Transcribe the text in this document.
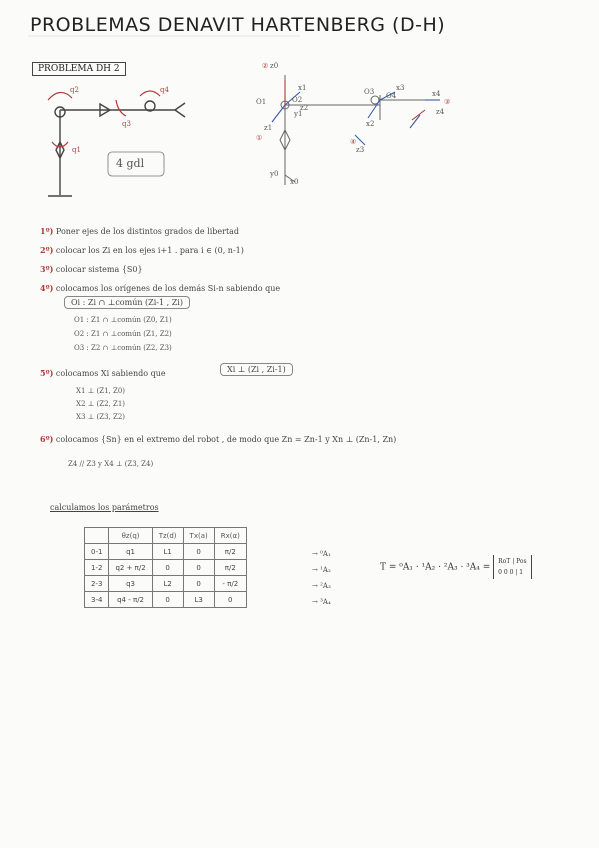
PROBLEMAS DENAVIT HARTENBERG (D-H)
PROBLEMA DH 2
q2
q3
q4
q1
4 gdl
z0
x0
y0
z1
x1
y1
z2
x2
z3
x3
z4
x4
O1	O2
O3 O4
①
②
③
④
1º) Poner ejes de los distintos grados de libertad
2º) colocar los Zi en los ejes i+1 . para i ∈ (0, n-1)
3º) colocar sistema {S0}
4º) colocamos los orígenes de los demás Si-n sabiendo que
Oi : Zi ∩ ⊥común (Zi-1 , Zi)
O1 : Z1 ∩ ⊥común (Z0, Z1)
O2 : Z1 ∩ ⊥común (Z1, Z2)
O3 : Z2 ∩ ⊥común (Z2, Z3)
5º) colocamos Xi sabiendo que	Xi ⊥ (Zi , Zi-1)
X1 ⊥ (Z1, Z0)
X2 ⊥ (Z2, Z1)
X3 ⊥ (Z3, Z2)
6º) colocamos {Sn} en el extremo del robot , de modo que Zn = Zn-1 y Xn ⊥ (Zn-1, Zn)
Z4 // Z3 y X4 ⊥ (Z3, Z4)
calculamos los parámetros
	θz(q)	Tz(d)	Tx(a)	Rx(α)
0-1	q1	L1	0	π/2
1-2	q2 + π/2	0	0	π/2
2-3	q3	L2	0	- π/2
3-4	q4 - π/2	0	L3	0
→ ⁰A₁
→ ¹A₂
→ ²A₃
→ ³A₄
T = ⁰A₁ · ¹A₂ · ²A₃ · ³A₄ = RoT | Pos
0 0 0 | 1
